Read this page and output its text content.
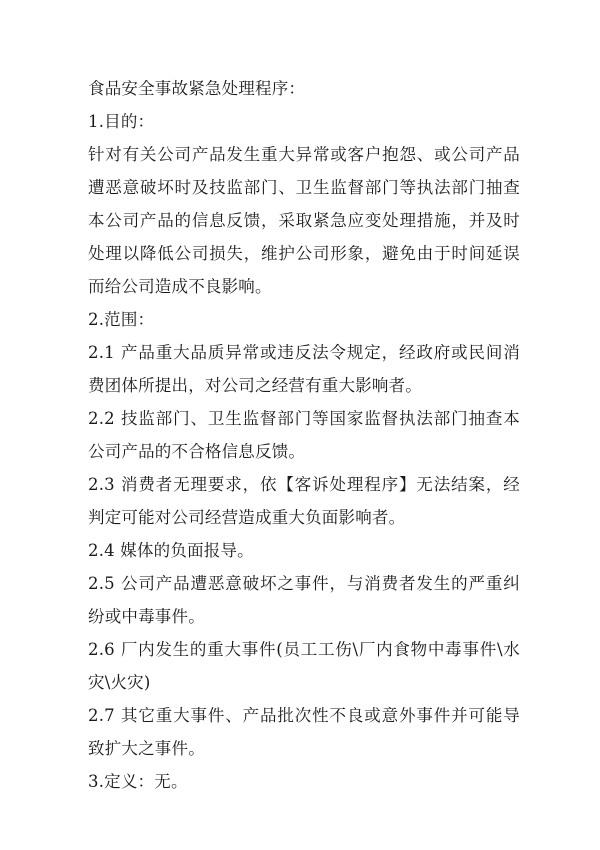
食品安全事故紧急处理程序：

1.目的：

针对有关公司产品发生重大异常或客户抱怨、或公司产品遭恶意破坏时及技监部门、卫生监督部门等执法部门抽查本公司产品的信息反馈，采取紧急应变处理措施，并及时处理以降低公司损失，维护公司形象，避免由于时间延误而给公司造成不良影响。

2.范围：

2.1 产品重大品质异常或违反法令规定，经政府或民间消费团体所提出，对公司之经营有重大影响者。

2.2 技监部门、卫生监督部门等国家监督执法部门抽查本公司产品的不合格信息反馈。

2.3 消费者无理要求，依【客诉处理程序】无法结案，经判定可能对公司经营造成重大负面影响者。

2.4 媒体的负面报导。

2.5 公司产品遭恶意破坏之事件，与消费者发生的严重纠纷或中毒事件。

2.6 厂内发生的重大事件(员工工伤\厂内食物中毒事件\水灾\火灾)

2.7 其它重大事件、产品批次性不良或意外事件并可能导致扩大之事件。

3.定义：无。
